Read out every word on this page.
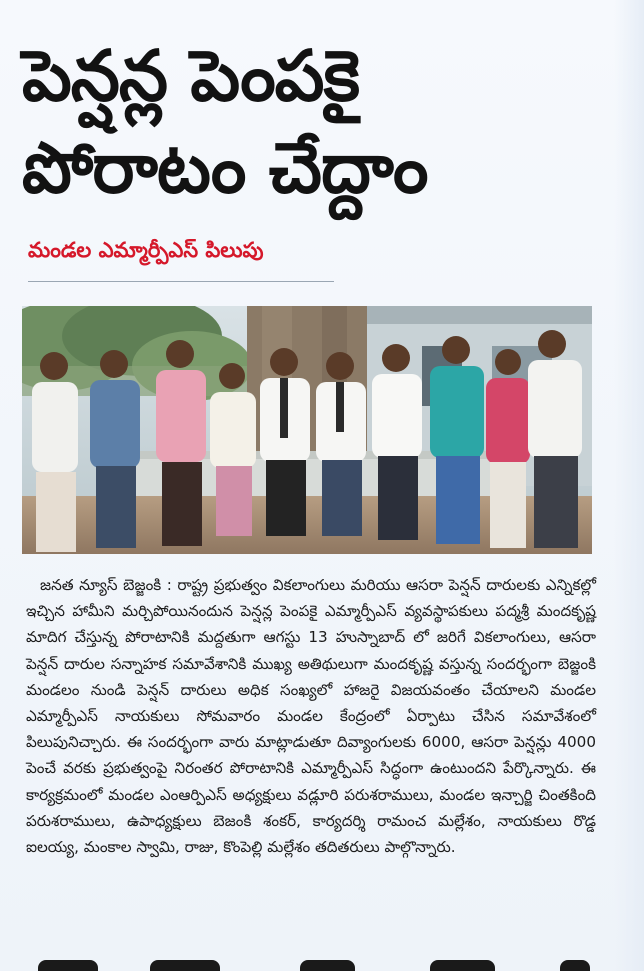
పెన్షన్ల పెంపకై
పోరాటం చేద్దాం
మండల ఎమ్మార్పీఎస్ పిలుపు

జనత న్యూస్ బెజ్జంకి : రాష్ట్ర ప్రభుత్వం వికలాంగులు మరియు ఆసరా పెన్షన్ దారులకు ఎన్నికల్లో ఇచ్చిన హామీని మర్చిపోయినందున పెన్షన్ల పెంపకై ఎమ్మార్పీఎస్ వ్యవస్థాపకులు పద్మశ్రీ మందకృష్ణ మాదిగ చేస్తున్న పోరాటానికి మద్దతుగా ఆగస్టు 13 హుస్నాబాద్ లో జరిగే వికలాంగులు, ఆసరా పెన్షన్ దారుల సన్నాహక సమావేశానికి ముఖ్య అతిథులుగా మందకృష్ణ వస్తున్న సందర్భంగా బెజ్జంకి మండలం నుండి పెన్షన్ దారులు అధిక సంఖ్యలో హాజరై విజయవంతం చేయాలని మండల ఎమ్మార్పీఎస్ నాయకులు సోమవారం మండల కేంద్రంలో ఏర్పాటు చేసిన సమావేశంలో పిలుపునిచ్చారు. ఈ సందర్భంగా వారు మాట్లాడుతూ దివ్యాంగులకు 6000, ఆసరా పెన్షన్లు 4000 పెంచే వరకు ప్రభుత్వంపై నిరంతర పోరాటానికి ఎమ్మార్పీఎస్ సిద్ధంగా ఉంటుందని పేర్కొన్నారు. ఈ కార్యక్రమంలో మండల ఎంఆర్పిఎస్ అధ్యక్షులు వడ్లూరి పరుశరాములు, మండల ఇన్చార్జి చింతకింది పరుశరాములు, ఉపాధ్యక్షులు బెజంకి శంకర్, కార్యదర్శి రామంచ మల్లేశం, నాయకులు రొడ్డ ఐలయ్య, మంకాల స్వామి, రాజు, కొంపెల్లి మల్లేశం తదితరులు పాల్గొన్నారు.
